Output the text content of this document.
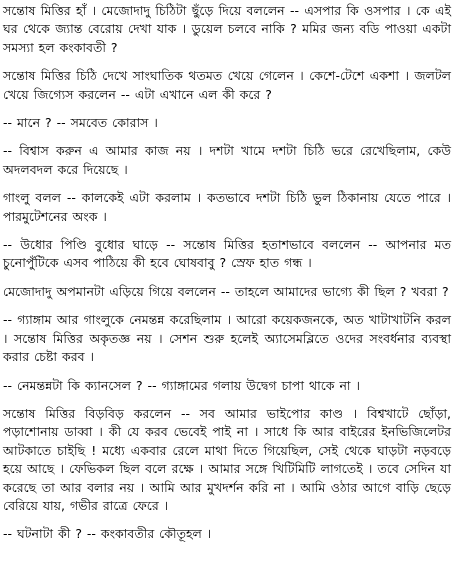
সন্তোষ মিত্তির হাঁ । মেজোদাদু চিঠিটা ছুঁড়ে দিয়ে বললেন -- এসপার কি ওসপার । কে এই ঘর থেকে জ্যান্ত বেরোয় দেখা যাক । ডুয়েল চলবে নাকি ? মমির জন্য বডি পাওয়া একটা সমস্যা হল কংকাবতী ?

সন্তোষ মিত্তির চিঠি দেখে সাংঘাতিক থতমত খেয়ে গেলেন । কেশে-টেশে একশা । জলটল খেয়ে জিগ্যেস করলেন -- এটা এখানে এল কী করে ?

-- মানে ? -- সমবেত কোরাস ।

-- বিশ্বাস করুন এ আমার কাজ নয় । দশটা খামে দশটা চিঠি ভরে রেখেছিলাম, কেউ অদলবদল করে দিয়েছে ।

গাংলু বলল -- কালকেই এটা করলাম । কতভাবে দশটা চিঠি ভুল ঠিকানায় যেতে পারে । পারমুটেশনের অংক ।

-- উধোর পিণ্ডি বুধোর ঘাড়ে -- সন্তোষ মিত্তির হতাশভাবে বললেন -- আপনার মত চুনোপুঁটিকে এসব পাঠিয়ে কী হবে ঘোষবাবু ? স্রেফ হাত গন্ধ ।

মেজোদাদু অপমানটা এড়িয়ে গিয়ে বললেন -- তাহলে আমাদের ভাগ্যে কী ছিল ? খবরা ?

-- গ্যাঙ্গাম আর গাংলুকে নেমন্তন্ন করেছিলাম । আরো কয়েকজনকে, অত খাটাখাটনি করল । সন্তোষ মিত্তির অকৃতজ্ঞ নয় । সেশন শুরু হলেই অ্যাসেমব্লিতে ওদের সংবর্ধনার ব্যবস্থা করার চেষ্টা করব ।

-- নেমন্তন্নটা কি ক্যানসেল ? -- গ্যাঙ্গামের গলায় উদ্বেগ চাপা থাকে না ।

সন্তোষ মিত্তির বিড়বিড় করলেন -- সব আমার ভাইপোর কাণ্ড । বিশ্বখাটে ছোঁড়া, পড়াশোনায় ডাব্বা । কী যে করব ভেবেই পাই না । সাধে কি আর বাইরের ইনভিজিলেটর আটকাতে চাইছি ! মধ্যে একবার রেলে মাথা দিতে গিয়েছিল, সেই থেকে ঘাড়টা নড়বড়ে হয়ে আছে । ফেভিকল ছিল বলে রক্ষে । আমার সঙ্গে খিটিমিটি লাগতেই । তবে সেদিন যা করেছে তা আর বলার নয় । আমি আর মুখদর্শন করি না । আমি ওঠার আগে বাড়ি ছেড়ে বেরিয়ে যায়, গভীর রাত্রে ফেরে ।

-- ঘটনাটা কী ? -- কংকাবতীর কৌতূহল ।
